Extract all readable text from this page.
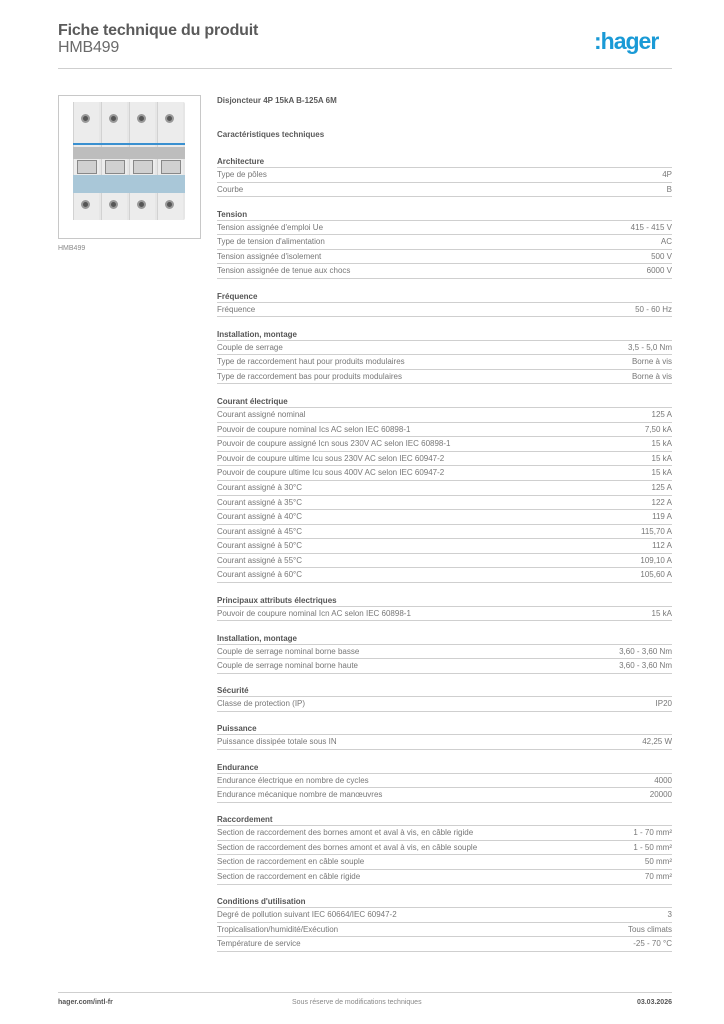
Fiche technique du produit
HMB499	:hager
HMB499
Disjoncteur 4P 15kA B-125A 6M
Caractéristiques techniques
Architecture
Type de pôles	4P
Courbe	B
Tension
Tension assignée d'emploi Ue	415 - 415 V
Type de tension d'alimentation	AC
Tension assignée d'isolement	500 V
Tension assignée de tenue aux chocs	6000 V
Fréquence
Fréquence	50 - 60 Hz
Installation, montage
Couple de serrage	3,5 - 5,0 Nm
Type de raccordement haut pour produits modulaires	Borne à vis
Type de raccordement bas pour produits modulaires	Borne à vis
Courant électrique
Courant assigné nominal	125 A
Pouvoir de coupure nominal Ics AC selon IEC 60898-1	7,50 kA
Pouvoir de coupure assigné Icn sous 230V AC selon IEC 60898-1	15 kA
Pouvoir de coupure ultime Icu sous 230V AC selon IEC 60947-2	15 kA
Pouvoir de coupure ultime Icu sous 400V AC selon IEC 60947-2	15 kA
Courant assigné à 30°C	125 A
Courant assigné à 35°C	122 A
Courant assigné à 40°C	119 A
Courant assigné à 45°C	115,70 A
Courant assigné à 50°C	112 A
Courant assigné à 55°C	109,10 A
Courant assigné à 60°C	105,60 A
Principaux attributs électriques
Pouvoir de coupure nominal Icn AC selon IEC 60898-1	15 kA
Installation, montage
Couple de serrage nominal borne basse	3,60 - 3,60 Nm
Couple de serrage nominal borne haute	3,60 - 3,60 Nm
Sécurité
Classe de protection (IP)	IP20
Puissance
Puissance dissipée totale sous IN	42,25 W
Endurance
Endurance électrique en nombre de cycles	4000
Endurance mécanique nombre de manœuvres	20000
Raccordement
Section de raccordement des bornes amont et aval à vis, en câble rigide	1 - 70 mm²
Section de raccordement des bornes amont et aval à vis, en câble souple	1 - 50 mm²
Section de raccordement en câble souple	50 mm²
Section de raccordement en câble rigide	70 mm²
Conditions d'utilisation
Degré de pollution suivant IEC 60664/IEC 60947-2	3
Tropicalisation/humidité/Exécution	Tous climats
Température de service	-25 - 70 °C
hager.com/intl-fr	Sous réserve de modifications techniques	03.03.2026
